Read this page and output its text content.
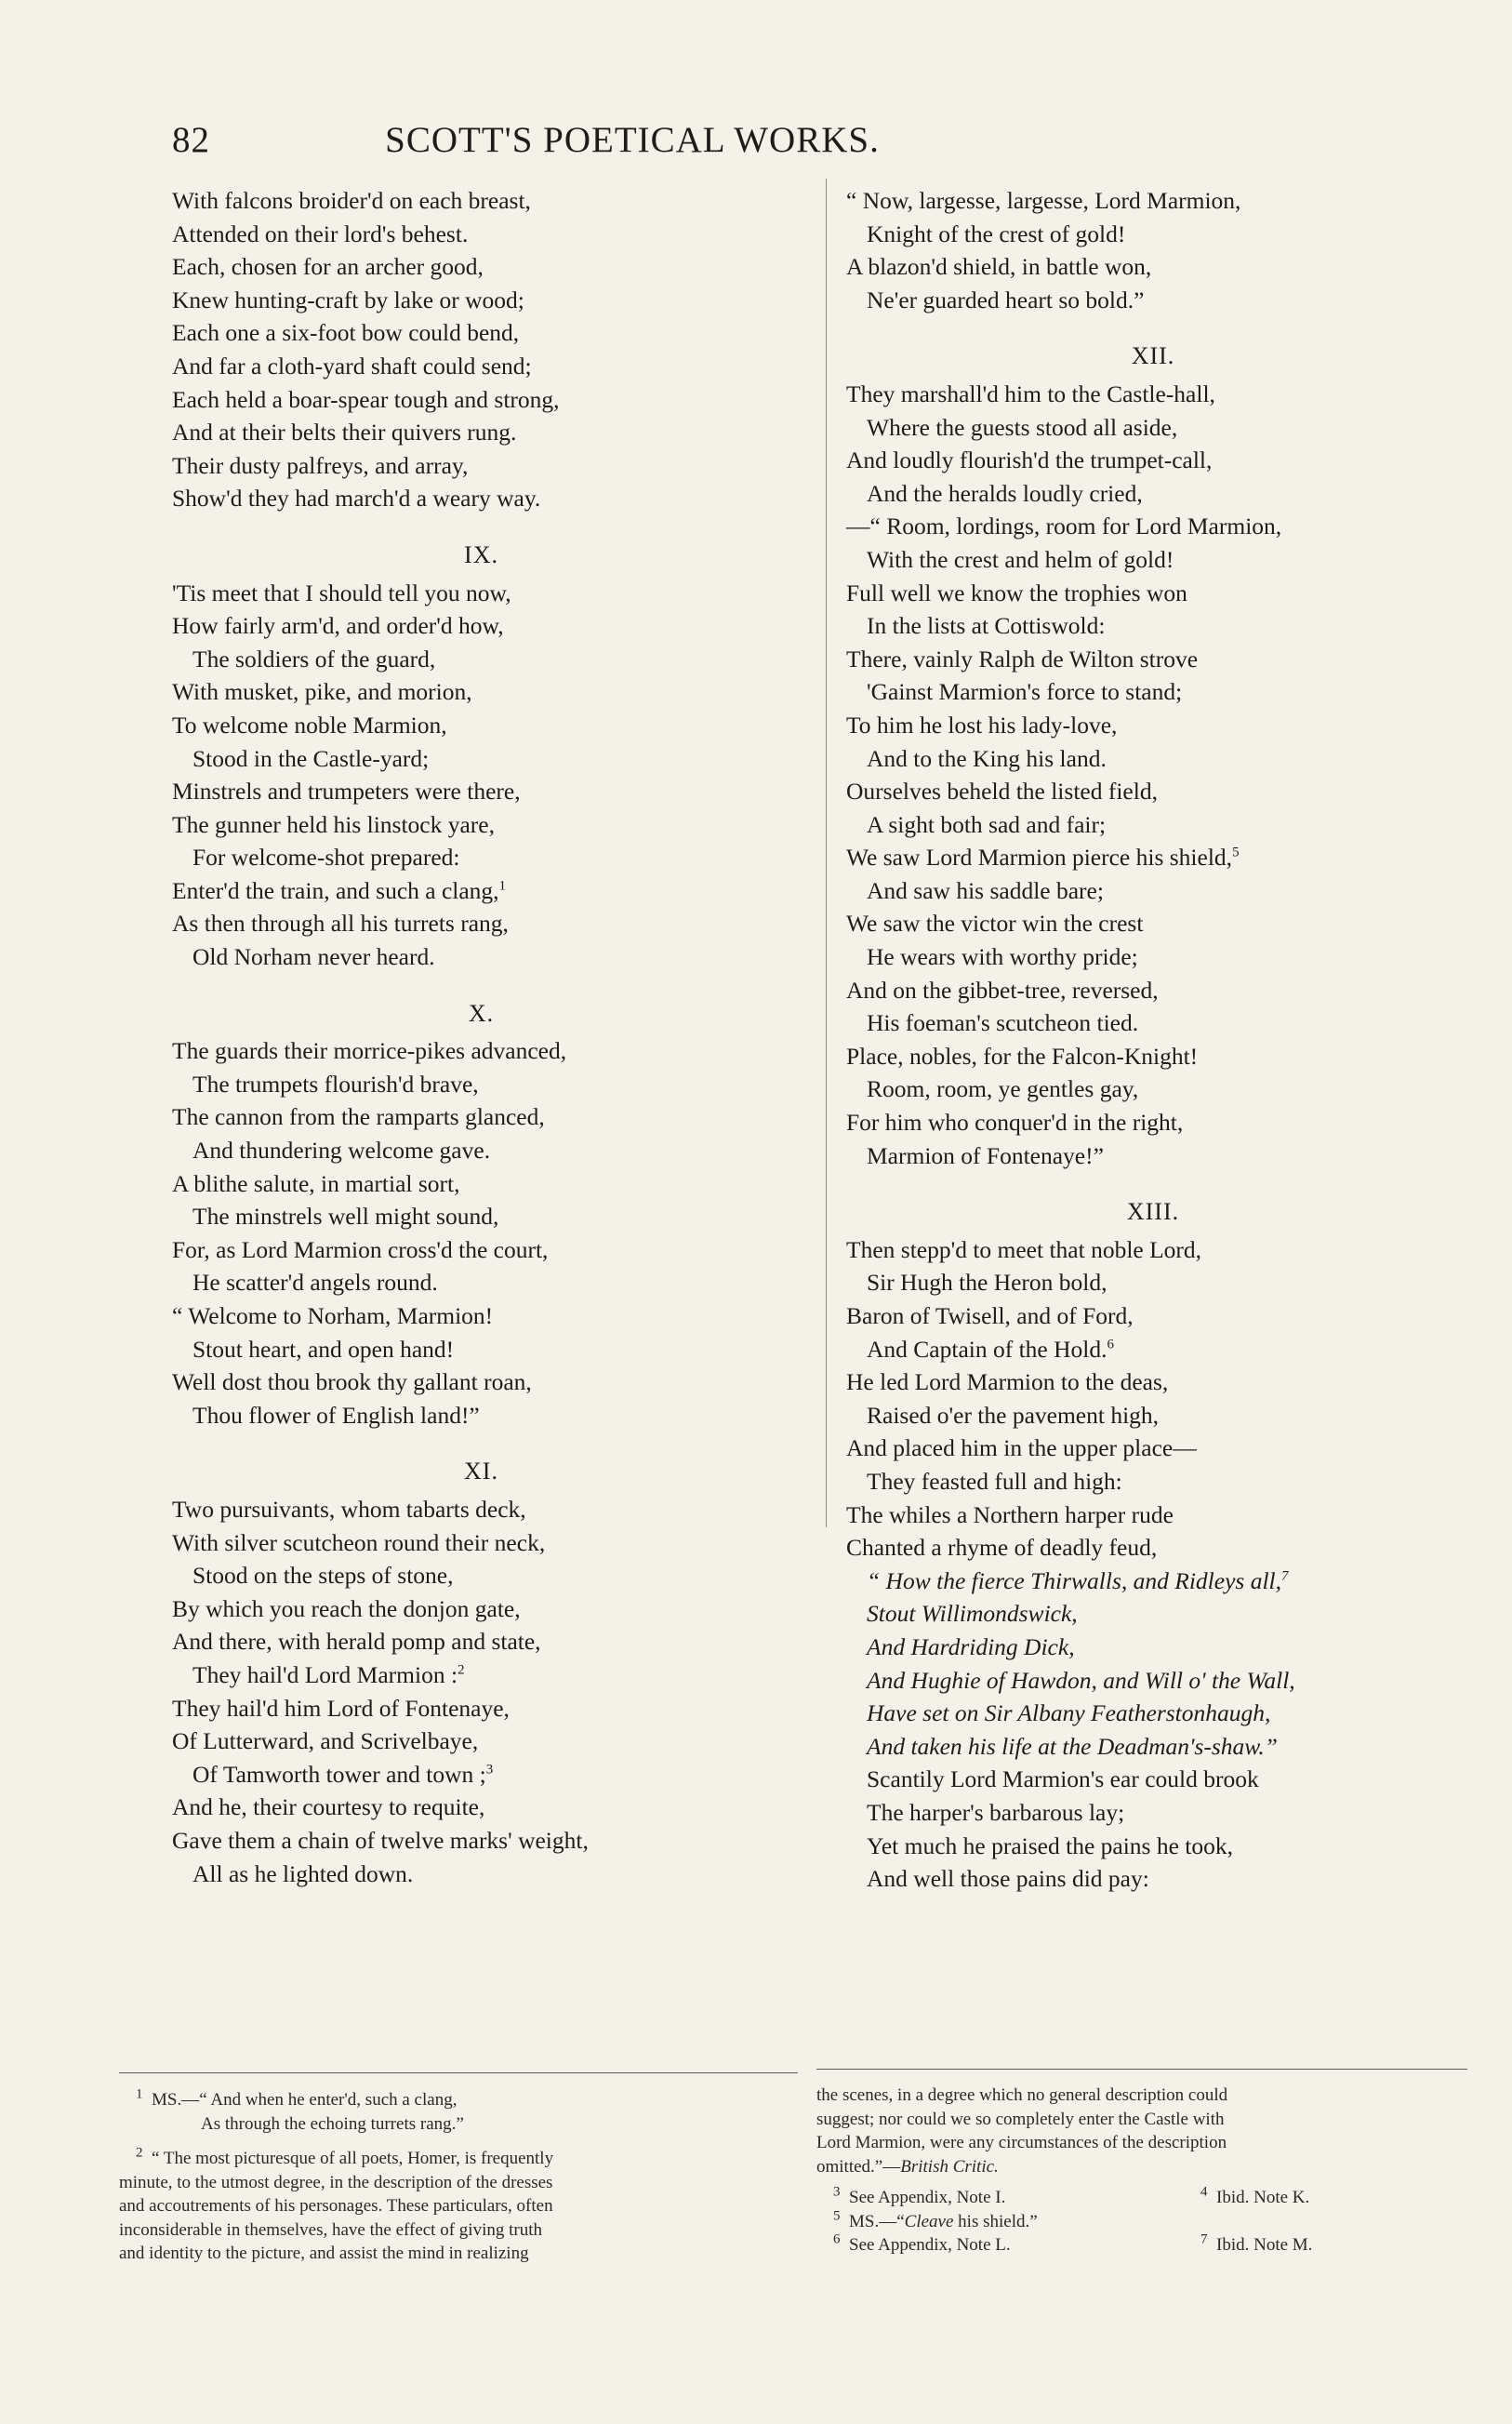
82	SCOTT'S POETICAL WORKS.
With falcons broider'd on each breast,
Attended on their lord's behest.
Each, chosen for an archer good,
Knew hunting-craft by lake or wood;
Each one a six-foot bow could bend,
And far a cloth-yard shaft could send;
Each held a boar-spear tough and strong,
And at their belts their quivers rung.
Their dusty palfreys, and array,
Show'd they had march'd a weary way.
IX.
'Tis meet that I should tell you now,
How fairly arm'd, and order'd how,
The soldiers of the guard,
With musket, pike, and morion,
To welcome noble Marmion,
Stood in the Castle-yard;
Minstrels and trumpeters were there,
The gunner held his linstock yare,
For welcome-shot prepared:
Enter'd the train, and such a clang,$^1$
As then through all his turrets rang,
Old Norham never heard.
X.
The guards their morrice-pikes advanced,
The trumpets flourish'd brave,
The cannon from the ramparts glanced,
And thundering welcome gave.
A blithe salute, in martial sort,
The minstrels well might sound,
For, as Lord Marmion cross'd the court,
He scatter'd angels round.
“ Welcome to Norham, Marmion!
Stout heart, and open hand!
Well dost thou brook thy gallant roan,
Thou flower of English land!”
XI.
Two pursuivants, whom tabarts deck,
With silver scutcheon round their neck,
Stood on the steps of stone,
By which you reach the donjon gate,
And there, with herald pomp and state,
They hail'd Lord Marmion :$^2$
They hail'd him Lord of Fontenaye,
Of Lutterward, and Scrivelbaye,
Of Tamworth tower and town ;$^3$
And he, their courtesy to requite,
Gave them a chain of twelve marks' weight,
All as he lighted down.
“ Now, largesse, largesse, Lord Marmion,
Knight of the crest of gold!
A blazon'd shield, in battle won,
Ne'er guarded heart so bold.”
XII.
They marshall'd him to the Castle-hall,
Where the guests stood all aside,
And loudly flourish'd the trumpet-call,
And the heralds loudly cried,
—“ Room, lordings, room for Lord Marmion,
With the crest and helm of gold!
Full well we know the trophies won
In the lists at Cottiswold:
There, vainly Ralph de Wilton strove
'Gainst Marmion's force to stand;
To him he lost his lady-love,
And to the King his land.
Ourselves beheld the listed field,
A sight both sad and fair;
We saw Lord Marmion pierce his shield,$^5$
And saw his saddle bare;
We saw the victor win the crest
He wears with worthy pride;
And on the gibbet-tree, reversed,
His foeman's scutcheon tied.
Place, nobles, for the Falcon-Knight!
Room, room, ye gentles gay,
For him who conquer'd in the right,
Marmion of Fontenaye!”
XIII.
Then stepp'd to meet that noble Lord,
Sir Hugh the Heron bold,
Baron of Twisell, and of Ford,
And Captain of the Hold.$^6$
He led Lord Marmion to the deas,
Raised o'er the pavement high,
And placed him in the upper place—
They feasted full and high:
The whiles a Northern harper rude
Chanted a rhyme of deadly feud,
“ How the fierce Thirwalls, and Ridleys all,$^7$
Stout Willimondswick,
And Hardriding Dick,
And Hughie of Hawdon, and Will o' the Wall,
Have set on Sir Albany Featherstonhaugh,
And taken his life at the Deadman's-shaw.”
Scantily Lord Marmion's ear could brook
The harper's barbarous lay;
Yet much he praised the pains he took,
And well those pains did pay:

$^1$ MS.—“ And when he enter'd, such a clang,

As through the echoing turrets rang.”

$^2$ “ The most picturesque of all poets, Homer, is frequently

minute, to the utmost degree, in the description of the dresses

and accoutrements of his personages. These particulars, often

inconsiderable in themselves, have the effect of giving truth

and identity to the picture, and assist the mind in realizing

the scenes, in a degree which no general description could

suggest; nor could we so completely enter the Castle with

Lord Marmion, were any circumstances of the description

omitted.”—British Critic.

$^3$ See Appendix, Note I.	$^4$ Ibid. Note K.

$^5$ MS.—“Cleave his shield.”

$^6$ See Appendix, Note L.	$^7$ Ibid. Note M.
